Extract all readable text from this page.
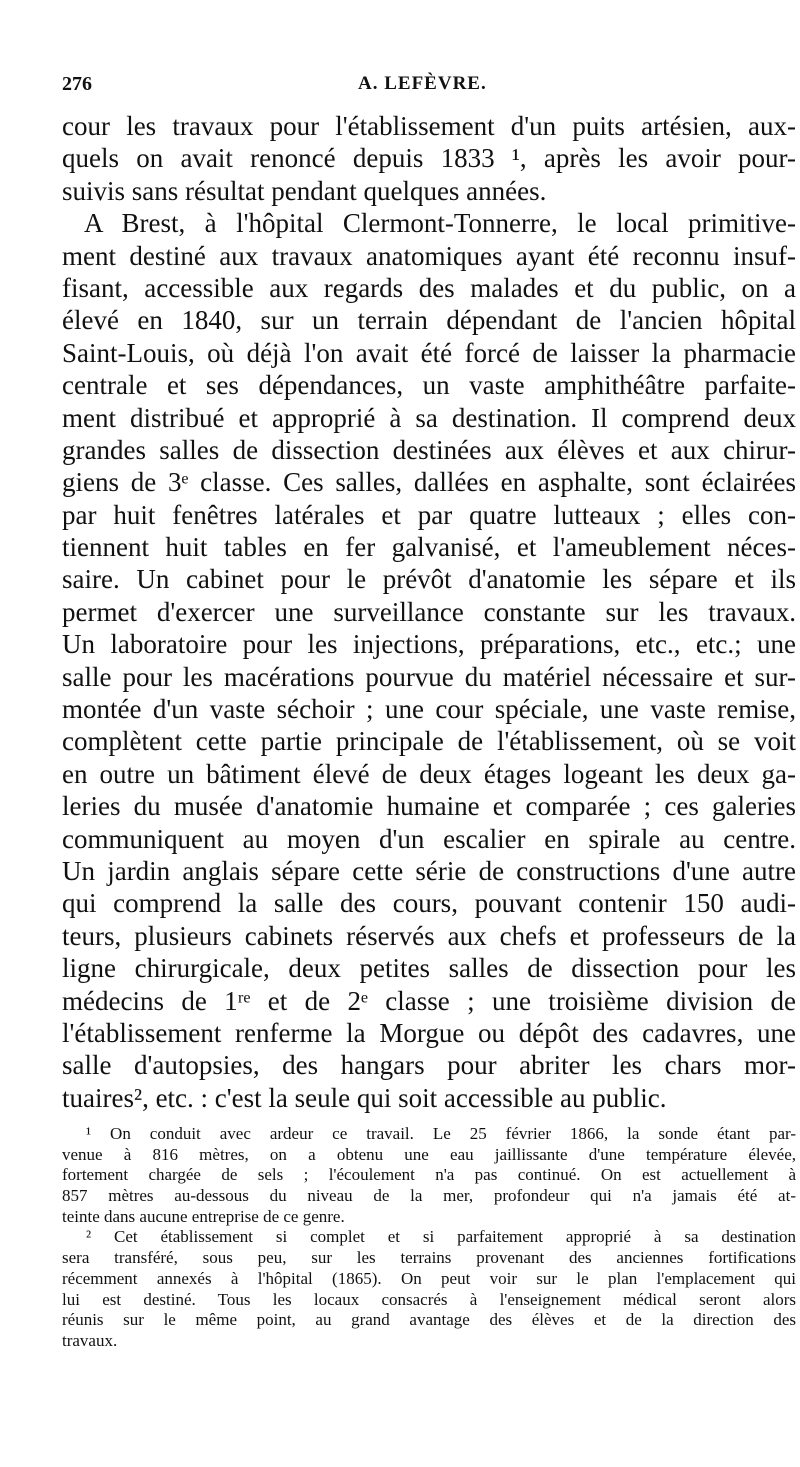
276	A. LEFÈVRE.
cour les travaux pour l'établissement d'un puits artésien, aux-
quels on avait renoncé depuis 1833 ¹, après les avoir pour-
suivis sans résultat pendant quelques années.
A Brest, à l'hôpital Clermont-Tonnerre, le local primitive-
ment destiné aux travaux anatomiques ayant été reconnu insuf-
fisant, accessible aux regards des malades et du public, on a
élevé en 1840, sur un terrain dépendant de l'ancien hôpital
Saint-Louis, où déjà l'on avait été forcé de laisser la pharmacie
centrale et ses dépendances, un vaste amphithéâtre parfaite-
ment distribué et approprié à sa destination. Il comprend deux
grandes salles de dissection destinées aux élèves et aux chirur-
giens de 3ᵉ classe. Ces salles, dallées en asphalte, sont éclairées
par huit fenêtres latérales et par quatre lutteaux ; elles con-
tiennent huit tables en fer galvanisé, et l'ameublement néces-
saire. Un cabinet pour le prévôt d'anatomie les sépare et ils
permet d'exercer une surveillance constante sur les travaux.
Un laboratoire pour les injections, préparations, etc., etc.; une
salle pour les macérations pourvue du matériel nécessaire et sur-
montée d'un vaste séchoir ; une cour spéciale, une vaste remise,
complètent cette partie principale de l'établissement, où se voit
en outre un bâtiment élevé de deux étages logeant les deux ga-
leries du musée d'anatomie humaine et comparée ; ces galeries
communiquent au moyen d'un escalier en spirale au centre.
Un jardin anglais sépare cette série de constructions d'une autre
qui comprend la salle des cours, pouvant contenir 150 audi-
teurs, plusieurs cabinets réservés aux chefs et professeurs de la
ligne chirurgicale, deux petites salles de dissection pour les
médecins de 1ʳᵉ et de 2ᵉ classe ; une troisième division de
l'établissement renferme la Morgue ou dépôt des cadavres, une
salle d'autopsies, des hangars pour abriter les chars mor-
tuaires², etc. : c'est la seule qui soit accessible au public.
¹ On conduit avec ardeur ce travail. Le 25 février 1866, la sonde étant par-
venue à 816 mètres, on a obtenu une eau jaillissante d'une température élevée,
fortement chargée de sels ; l'écoulement n'a pas continué. On est actuellement à
857 mètres au-dessous du niveau de la mer, profondeur qui n'a jamais été at-
teinte dans aucune entreprise de ce genre.
² Cet établissement si complet et si parfaitement approprié à sa destination
sera transféré, sous peu, sur les terrains provenant des anciennes fortifications
récemment annexés à l'hôpital (1865). On peut voir sur le plan l'emplacement qui
lui est destiné. Tous les locaux consacrés à l'enseignement médical seront alors
réunis sur le même point, au grand avantage des élèves et de la direction des
travaux.
